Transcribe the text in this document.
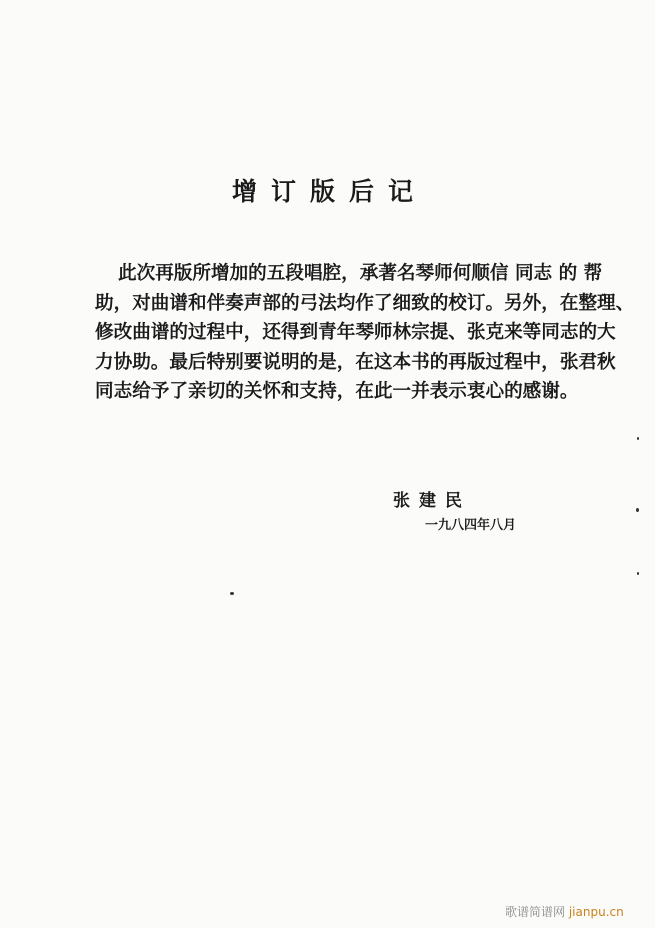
增订版后记

此次再版所增加的五段唱腔，承著名琴师何顺信 同志 的 帮

助，对曲谱和伴奏声部的弓法均作了细致的校订。另外，在整理、

修改曲谱的过程中，还得到青年琴师林宗提、张克来等同志的大

力协助。最后特别要说明的是，在这本书的再版过程中，张君秋

同志给予了亲切的关怀和支持，在此一并表示衷心的感谢。

张建民
一九八四年八月
歌谱简谱网 jianpu.cn
